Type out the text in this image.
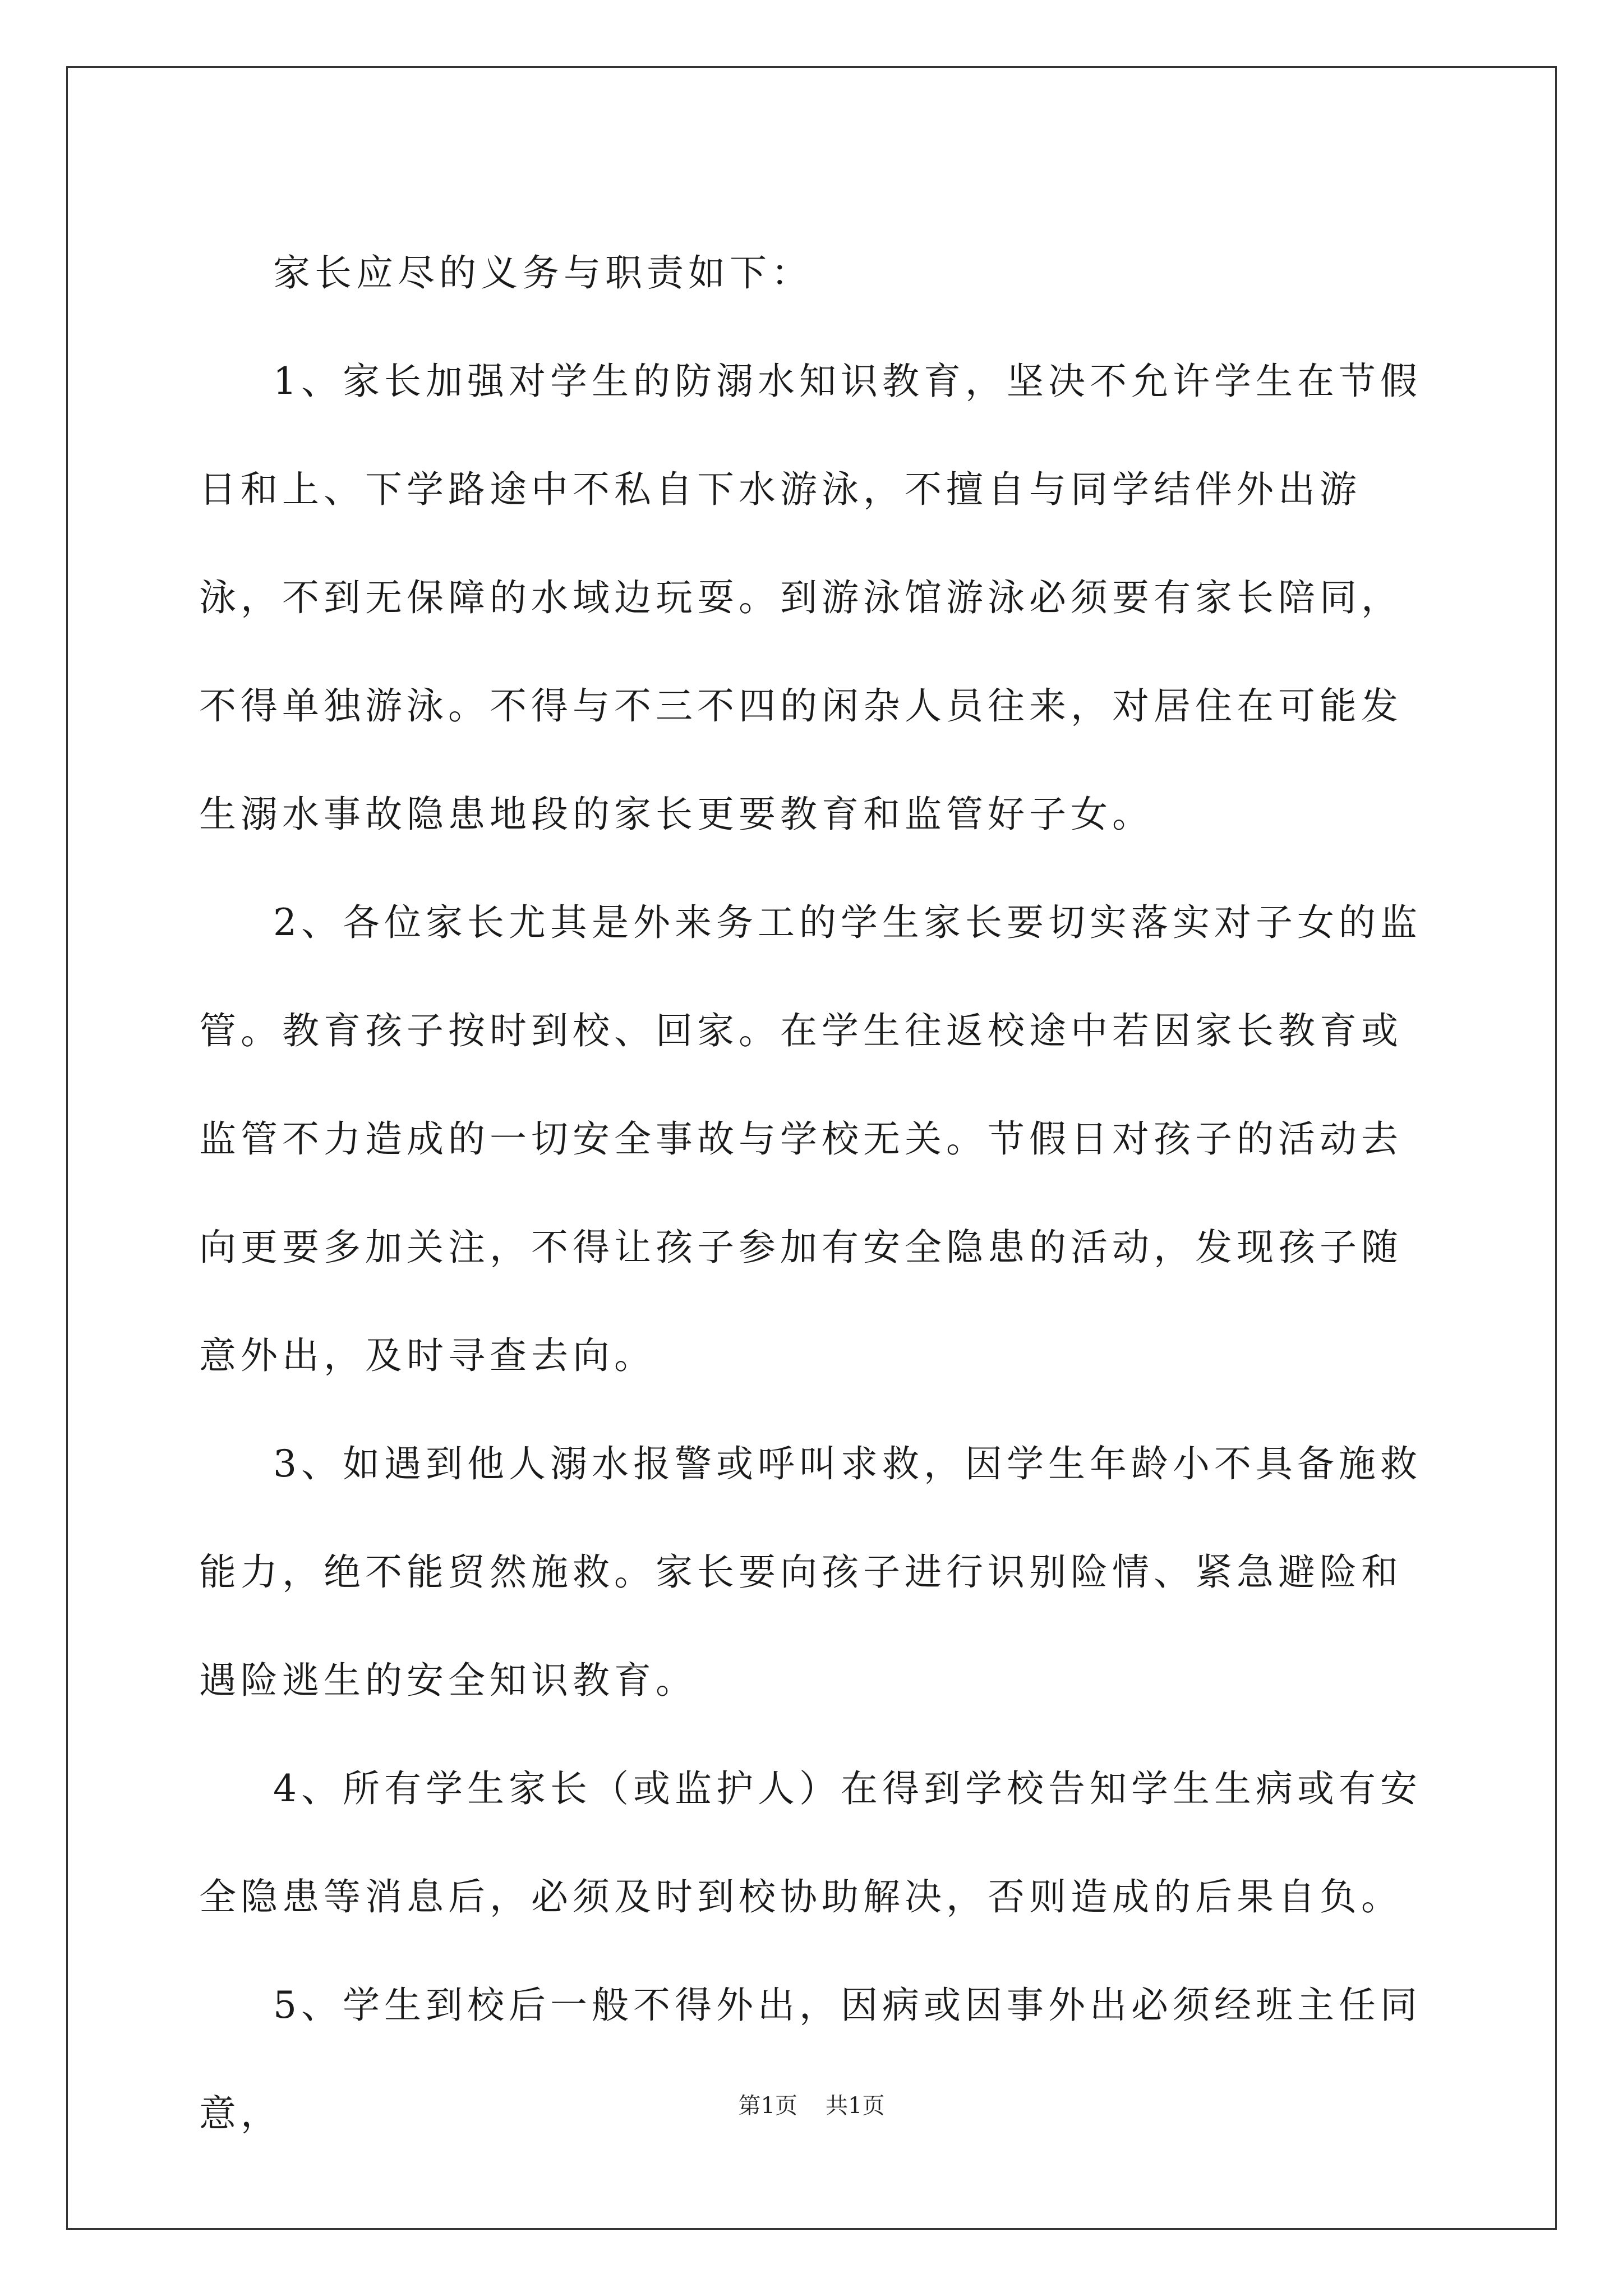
家长应尽的义务与职责如下：

1、家长加强对学生的防溺水知识教育，坚决不允许学生在节假日和上、下学路途中不私自下水游泳，不擅自与同学结伴外出游泳，不到无保障的水域边玩耍。到游泳馆游泳必须要有家长陪同，不得单独游泳。不得与不三不四的闲杂人员往来，对居住在可能发生溺水事故隐患地段的家长更要教育和监管好子女。

2、各位家长尤其是外来务工的学生家长要切实落实对子女的监管。教育孩子按时到校、回家。在学生往返校途中若因家长教育或监管不力造成的一切安全事故与学校无关。节假日对孩子的活动去向更要多加关注，不得让孩子参加有安全隐患的活动，发现孩子随意外出，及时寻查去向。

3、如遇到他人溺水报警或呼叫求救，因学生年龄小不具备施救能力，绝不能贸然施救。家长要向孩子进行识别险情、紧急避险和遇险逃生的安全知识教育。

4、所有学生家长（或监护人）在得到学校告知学生生病或有安全隐患等消息后，必须及时到校协助解决，否则造成的后果自负。

5、学生到校后一般不得外出，因病或因事外出必须经班主任同意，	第1页 共1页
